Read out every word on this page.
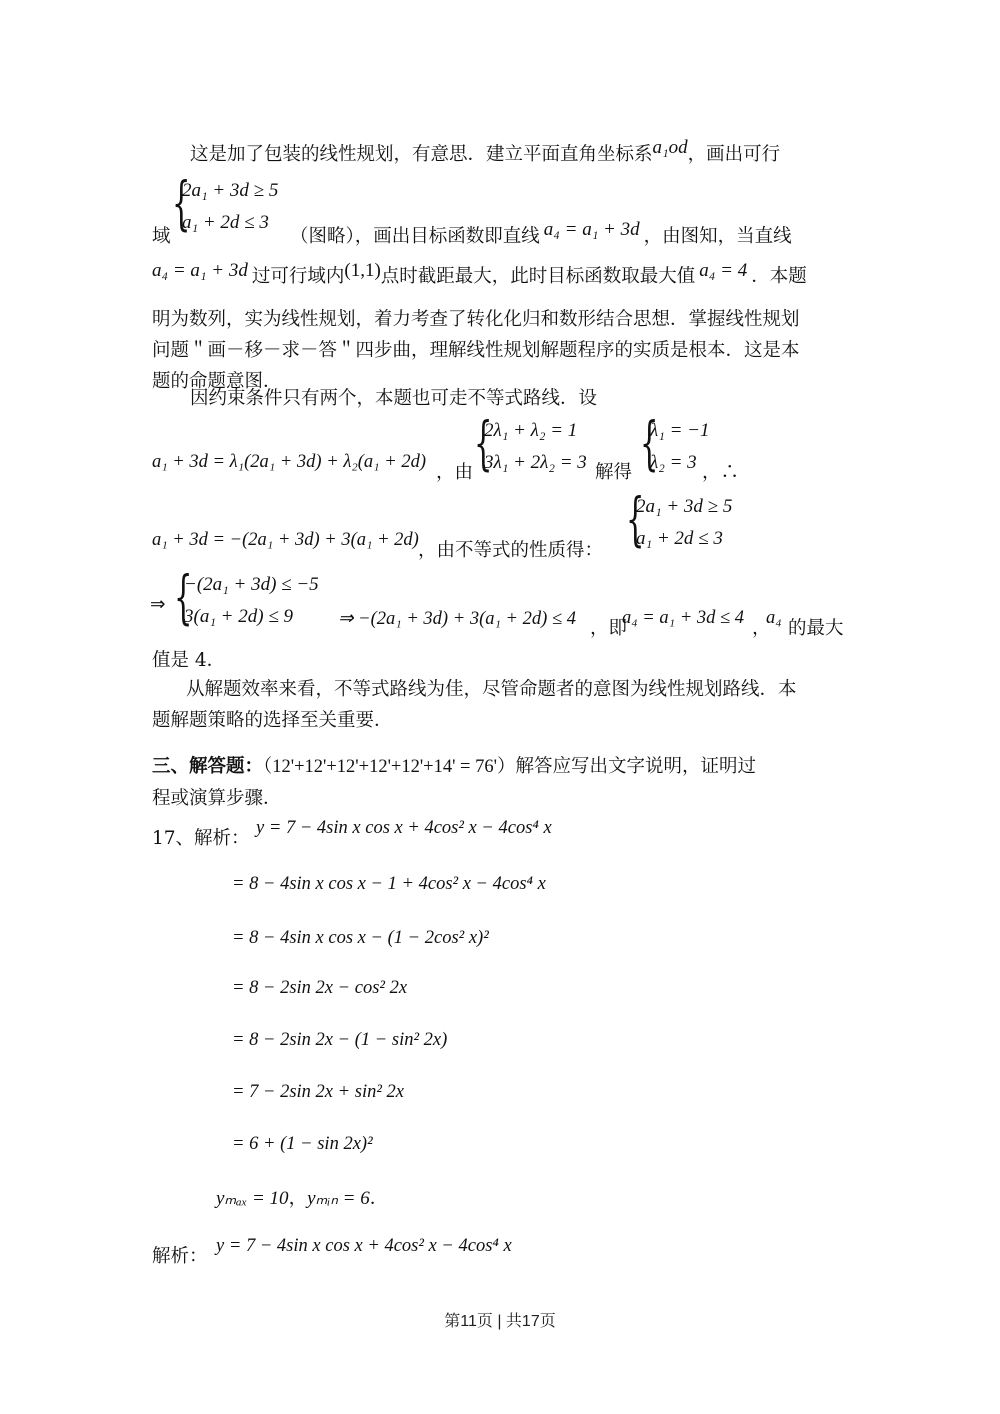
这是加了包装的线性规划，有意思．建立平面直角坐标系a₁od，画出可行
{
2a₁ + 3d ≥ 5
a₁ + 2d ≤ 3
域	（图略），画出目标函数即直线 a₄ = a₁ + 3d ，由图知，当直线
a₄ = a₁ + 3d 过可行域内(1,1)点时截距最大，此时目标函数取最大值 a₄ = 4 ．本题
明为数列，实为线性规划，着力考查了转化化归和数形结合思想．掌握线性规划
问题＂画－移－求－答＂四步曲，理解线性规划解题程序的实质是根本．这是本
题的命题意图．
因约束条件只有两个，本题也可走不等式路线．设
a₁ + 3d = λ₁(2a₁ + 3d) + λ₂(a₁ + 2d) ，由 {
2λ₁ + λ₂ = 1
3λ₁ + 2λ₂ = 3 解得 {
λ₁ = −1
λ₂ = 3 ，∴
a₁ + 3d = −(2a₁ + 3d) + 3(a₁ + 2d) ，由不等式的性质得： {
2a₁ + 3d ≥ 5
a₁ + 2d ≤ 3
⇒ {
−(2a₁ + 3d) ≤ −5
3(a₁ + 2d) ≤ 9 ⇒ −(2a₁ + 3d) + 3(a₁ + 2d) ≤ 4 ，即
a₄ = a₁ + 3d ≤ 4 ，
a₄ 的最大
值是 4．
从解题效率来看，不等式路线为佳，尽管命题者的意图为线性规划路线．本
题解题策略的选择至关重要．
三、解答题：（12'+12'+12'+12'+12'+14' = 76'）解答应写出文字说明，证明过
程或演算步骤．
17、解析： y = 7 − 4sin x cos x + 4cos² x − 4cos⁴ x
= 8 − 4sin x cos x − 1 + 4cos² x − 4cos⁴ x
= 8 − 4sin x cos x − (1 − 2cos² x)²
= 8 − 2sin 2x − cos² 2x
= 8 − 2sin 2x − (1 − sin² 2x)
= 7 − 2sin 2x + sin² 2x
= 6 + (1 − sin 2x)²
yₘₐₓ = 10，yₘᵢₙ = 6．
解析： y = 7 − 4sin x cos x + 4cos² x − 4cos⁴ x
第11页 | 共17页
